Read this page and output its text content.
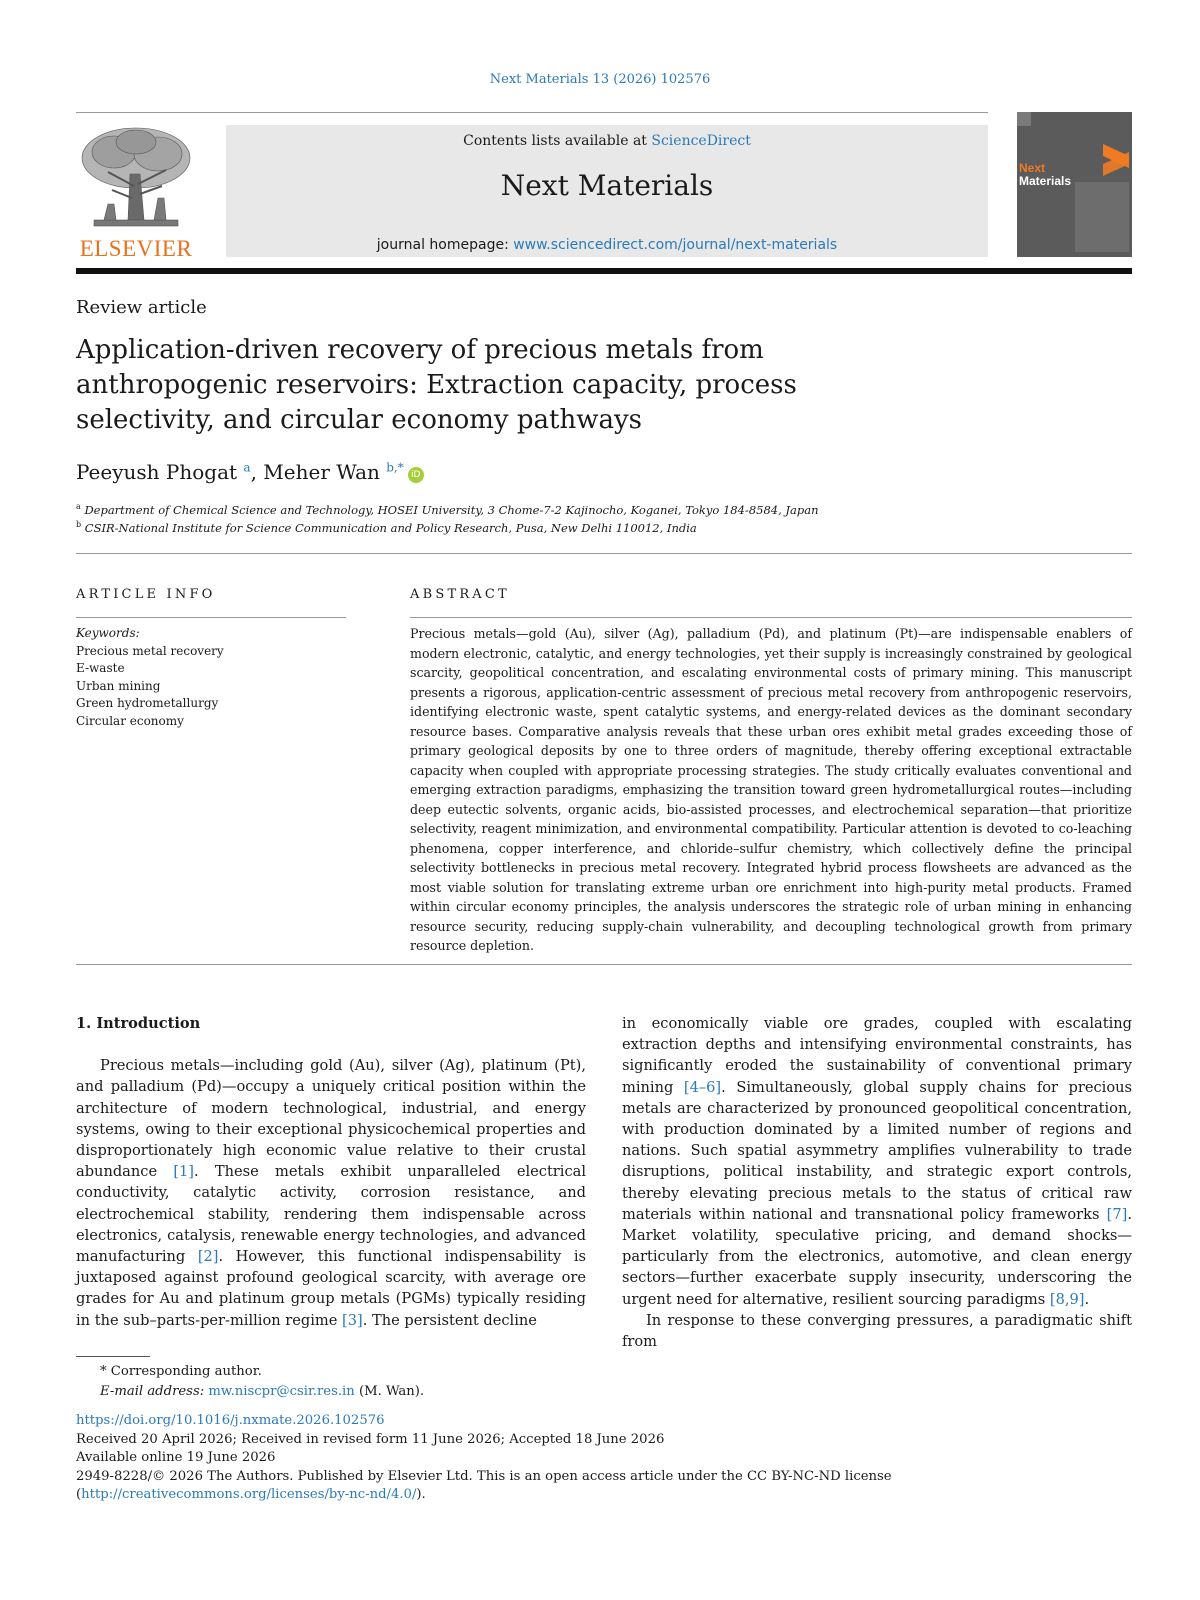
Next Materials 13 (2026) 102576
ELSEVIER
Contents lists available at ScienceDirect
Next Materials
journal homepage: www.sciencedirect.com/journal/next-materials
Next
Materials
Review article
Application-driven recovery of precious metals from anthropogenic reservoirs: Extraction capacity, process selectivity, and circular economy pathways
Peeyush Phogat $^a$, Meher Wan $^{b,*}$iD
$^a$ Department of Chemical Science and Technology, HOSEI University, 3 Chome-7-2 Kajinocho, Koganei, Tokyo 184-8584, Japan
$^b$ CSIR-National Institute for Science Communication and Policy Research, Pusa, New Delhi 110012, India
ARTICLE INFO	ABSTRACT
Keywords:
Precious metal recovery
E-waste
Urban mining
Green hydrometallurgy
Circular economy
Precious metals—gold (Au), silver (Ag), palladium (Pd), and platinum (Pt)—are indispensable enablers of modern electronic, catalytic, and energy technologies, yet their supply is increasingly constrained by geological scarcity, geopolitical concentration, and escalating environmental costs of primary mining. This manuscript presents a rigorous, application-centric assessment of precious metal recovery from anthropogenic reservoirs, identifying electronic waste, spent catalytic systems, and energy-related devices as the dominant secondary resource bases. Comparative analysis reveals that these urban ores exhibit metal grades exceeding those of primary geological deposits by one to three orders of magnitude, thereby offering exceptional extractable capacity when coupled with appropriate processing strategies. The study critically evaluates conventional and emerging extraction paradigms, emphasizing the transition toward green hydrometallurgical routes—including deep eutectic solvents, organic acids, bio-assisted processes, and electrochemical separation—that prioritize selectivity, reagent minimization, and environmental compatibility. Particular attention is devoted to co-leaching phenomena, copper interference, and chloride–sulfur chemistry, which collectively define the principal selectivity bottlenecks in precious metal recovery. Integrated hybrid process flowsheets are advanced as the most viable solution for translating extreme urban ore enrichment into high-purity metal products. Framed within circular economy principles, the analysis underscores the strategic role of urban mining in enhancing resource security, reducing supply-chain vulnerability, and decoupling technological growth from primary resource depletion.
1. Introduction

Precious metals—including gold (Au), silver (Ag), platinum (Pt), and palladium (Pd)—occupy a uniquely critical position within the architecture of modern technological, industrial, and energy systems, owing to their exceptional physicochemical properties and disproportionately high economic value relative to their crustal abundance [1]. These metals exhibit unparalleled electrical conductivity, catalytic activity, corrosion resistance, and electrochemical stability, rendering them indispensable across electronics, catalysis, renewable energy technologies, and advanced manufacturing [2]. However, this functional indispensability is juxtaposed against profound geological scarcity, with average ore grades for Au and platinum group metals (PGMs) typically residing in the sub–parts-per-million regime [3]. The persistent decline

in economically viable ore grades, coupled with escalating extraction depths and intensifying environmental constraints, has significantly eroded the sustainability of conventional primary mining [4–6]. Simultaneously, global supply chains for precious metals are characterized by pronounced geopolitical concentration, with production dominated by a limited number of regions and nations. Such spatial asymmetry amplifies vulnerability to trade disruptions, political instability, and strategic export controls, thereby elevating precious metals to the status of critical raw materials within national and transnational policy frameworks [7]. Market volatility, speculative pricing, and demand shocks—particularly from the electronics, automotive, and clean energy sectors—further exacerbate supply insecurity, underscoring the urgent need for alternative, resilient sourcing paradigms [8,9].

In response to these converging pressures, a paradigmatic shift from

* Corresponding author.
E-mail address: mw.niscpr@csir.res.in (M. Wan).
https://doi.org/10.1016/j.nxmate.2026.102576
Received 20 April 2026; Received in revised form 11 June 2026; Accepted 18 June 2026
Available online 19 June 2026
2949-8228/© 2026 The Authors. Published by Elsevier Ltd. This is an open access article under the CC BY-NC-ND license (http://creativecommons.org/licenses/by-nc-nd/4.0/).
